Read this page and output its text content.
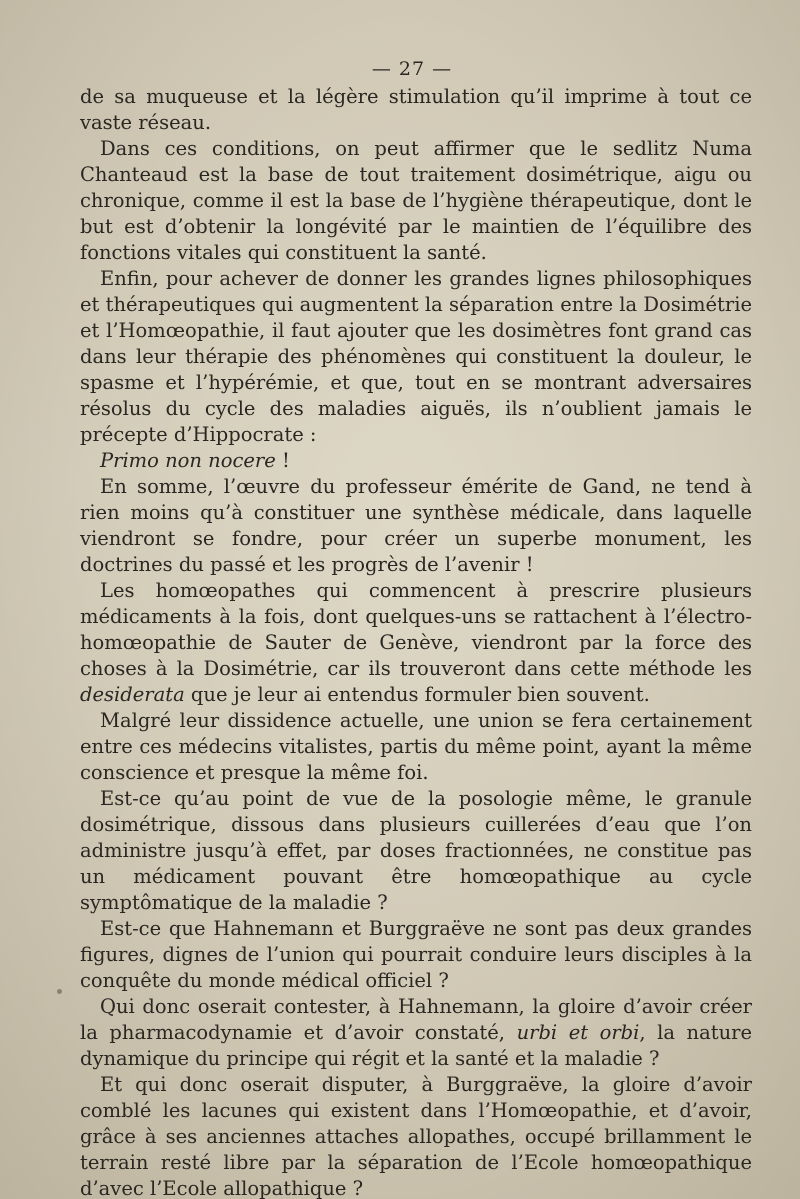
— 27 —

de sa muqueuse et la légère stimulation qu’il imprime à tout ce vaste réseau.

Dans ces conditions, on peut affirmer que le sedlitz Numa Chanteaud est la base de tout traitement dosimétrique, aigu ou chronique, comme il est la base de l’hygiène thérapeutique, dont le but est d’obtenir la longévité par le maintien de l’équilibre des fonctions vitales qui constituent la santé.

Enfin, pour achever de donner les grandes lignes philosophiques et thérapeutiques qui augmentent la séparation entre la Dosimétrie et l’Homœopathie, il faut ajouter que les dosimètres font grand cas dans leur thérapie des phénomènes qui constituent la douleur, le spasme et l’hypérémie, et que, tout en se montrant adversaires résolus du cycle des maladies aiguës, ils n’oublient jamais le précepte d’Hippocrate :

Primo non nocere !

En somme, l’œuvre du professeur émérite de Gand, ne tend à rien moins qu’à constituer une synthèse médicale, dans laquelle viendront se fondre, pour créer un superbe monument, les doctrines du passé et les progrès de l’avenir !

Les homœopathes qui commencent à prescrire plusieurs médicaments à la fois, dont quelques-uns se rattachent à l’électro-homœopathie de Sauter de Genève, viendront par la force des choses à la Dosimétrie, car ils trouveront dans cette méthode les desiderata que je leur ai entendus formuler bien souvent.

Malgré leur dissidence actuelle, une union se fera certainement entre ces médecins vitalistes, partis du même point, ayant la même conscience et presque la même foi.

Est-ce qu’au point de vue de la posologie même, le granule dosimétrique, dissous dans plusieurs cuillerées d’eau que l’on administre jusqu’à effet, par doses fractionnées, ne constitue pas un médicament pouvant être homœopathique au cycle symptômatique de la maladie ?

Est-ce que Hahnemann et Burggraëve ne sont pas deux grandes figures, dignes de l’union qui pourrait conduire leurs disciples à la conquête du monde médical officiel ?

Qui donc oserait contester, à Hahnemann, la gloire d’avoir créer la pharmacodynamie et d’avoir constaté, urbi et orbi, la nature dynamique du principe qui régit et la santé et la maladie ?

Et qui donc oserait disputer, à Burggraëve, la gloire d’avoir comblé les lacunes qui existent dans l’Homœopathie, et d’avoir, grâce à ses anciennes attaches allopathes, occupé brillamment le terrain resté libre par la séparation de l’Ecole homœopathique d’avec l’Ecole allopathique ?
